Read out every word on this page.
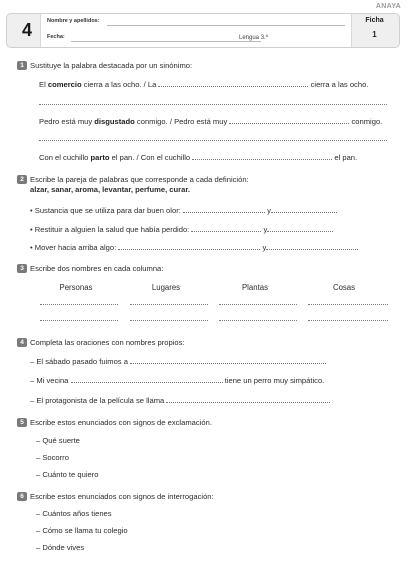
ANAYA
4	Nombre y apellidos:
Fecha:	Lengua 3.º
Ficha
1
1 Sustituye la palabra destacada por un sinónimo:
El comercio cierra a las ocho. / La	cierra a las ocho.
Pedro está muy disgustado conmigo. / Pedro está muy	conmigo.
Con el cuchillo parto el pan. / Con el cuchillo	el pan.
2 Escribe la pareja de palabras que corresponde a cada definición:
alzar, sanar, aroma, levantar, perfume, curar.
• Sustancia que se utiliza para dar buen olor:	y
• Restituir a alguien la salud que había perdido:	y
• Mover hacia arriba algo:	y
3 Escribe dos nombres en cada columna:
Personas	Lugares	Plantas	Cosas
4 Completa las oraciones con nombres propios:
– El sábado pasado fuimos a
– Mi vecina	tiene un perro muy simpático.
– El protagonista de la película se llama
5 Escribe estos enunciados con signos de exclamación.
– Qué suerte
– Socorro
– Cuánto te quiero
6 Escribe estos enunciados con signos de interrogación:
– Cuántos años tienes
– Cómo se llama tu colegio
– Dónde vives
